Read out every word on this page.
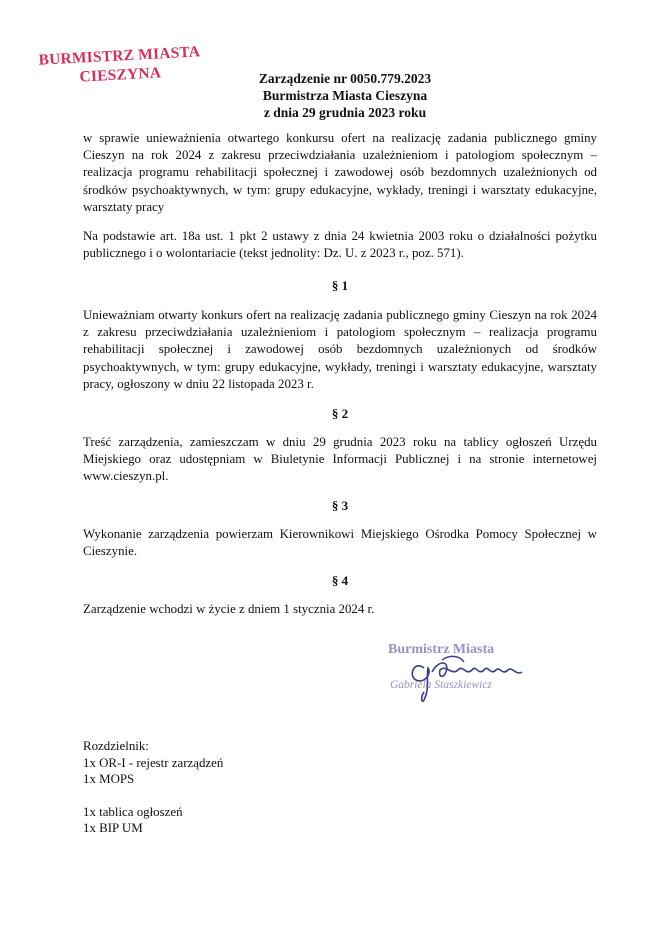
BURMISTRZ MIASTA
CIESZYNA	Zarządzenie nr 0050.779.2023
Burmistrza Miasta Cieszyna
z dnia 29 grudnia 2023 roku
w sprawie unieważnienia otwartego konkursu ofert na realizację zadania publicznego gminy Cieszyn na rok 2024 z zakresu przeciwdziałania uzależnieniom i patologiom społecznym – realizacja programu rehabilitacji społecznej i zawodowej osób bezdomnych uzależnionych od środków psychoaktywnych, w tym: grupy edukacyjne, wykłady, treningi i warsztaty edukacyjne, warsztaty pracy
Na podstawie art. 18a ust. 1 pkt 2 ustawy z dnia 24 kwietnia 2003 roku o działalności pożytku publicznego i o wolontariacie (tekst jednolity: Dz. U. z 2023 r., poz. 571).
§ 1
Unieważniam otwarty konkurs ofert na realizację zadania publicznego gminy Cieszyn na rok 2024 z zakresu przeciwdziałania uzależnieniom i patologiom społecznym – realizacja programu rehabilitacji społecznej i zawodowej osób bezdomnych uzależnionych od środków psychoaktywnych, w tym: grupy edukacyjne, wykłady, treningi i warsztaty edukacyjne, warsztaty pracy, ogłoszony w dniu 22 listopada 2023 r.
§ 2
Treść zarządzenia, zamieszczam w dniu 29 grudnia 2023 roku na tablicy ogłoszeń Urzędu Miejskiego oraz udostępniam w Biuletynie Informacji Publicznej i na stronie internetowej www.cieszyn.pl.
§ 3
Wykonanie zarządzenia powierzam Kierownikowi Miejskiego Ośrodka Pomocy Społecznej w Cieszynie.
§ 4
Zarządzenie wchodzi w życie z dniem 1 stycznia 2024 r.
Burmistrz Miasta
Gabriela Staszkiewicz
Rozdzielnik:
1x OR-I - rejestr zarządzeń
1x MOPS
1x tablica ogłoszeń
1x BIP UM
